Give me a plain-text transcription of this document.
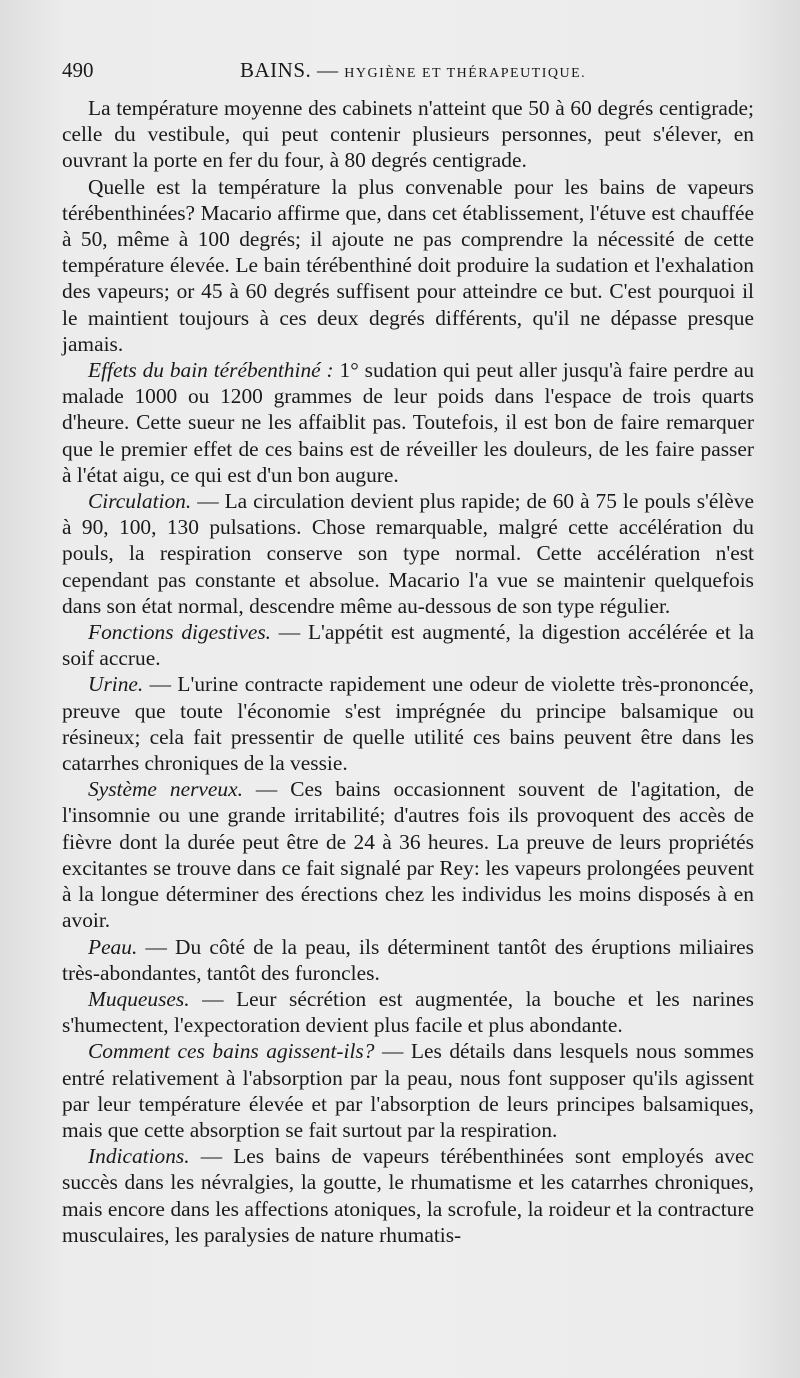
490	BAINS. — HYGIÈNE ET THÉRAPEUTIQUE.

La température moyenne des cabinets n'atteint que 50 à 60 degrés centigrade; celle du vestibule, qui peut contenir plusieurs personnes, peut s'élever, en ouvrant la porte en fer du four, à 80 degrés centigrade.

Quelle est la température la plus convenable pour les bains de vapeurs térébenthinées? Macario affirme que, dans cet établissement, l'étuve est chauffée à 50, même à 100 degrés; il ajoute ne pas comprendre la nécessité de cette température élevée. Le bain térébenthiné doit produire la sudation et l'exhalation des vapeurs; or 45 à 60 degrés suffisent pour atteindre ce but. C'est pourquoi il le maintient toujours à ces deux degrés différents, qu'il ne dépasse presque jamais.

Effets du bain térébenthiné : 1° sudation qui peut aller jusqu'à faire perdre au malade 1000 ou 1200 grammes de leur poids dans l'espace de trois quarts d'heure. Cette sueur ne les affaiblit pas. Toutefois, il est bon de faire remarquer que le premier effet de ces bains est de réveiller les douleurs, de les faire passer à l'état aigu, ce qui est d'un bon augure.

Circulation. — La circulation devient plus rapide; de 60 à 75 le pouls s'élève à 90, 100, 130 pulsations. Chose remarquable, malgré cette accélération du pouls, la respiration conserve son type normal. Cette accélération n'est cependant pas constante et absolue. Macario l'a vue se maintenir quelquefois dans son état normal, descendre même au-dessous de son type régulier.

Fonctions digestives. — L'appétit est augmenté, la digestion accélérée et la soif accrue.

Urine. — L'urine contracte rapidement une odeur de violette très-prononcée, preuve que toute l'économie s'est imprégnée du principe balsamique ou résineux; cela fait pressentir de quelle utilité ces bains peuvent être dans les catarrhes chroniques de la vessie.

Système nerveux. — Ces bains occasionnent souvent de l'agitation, de l'insomnie ou une grande irritabilité; d'autres fois ils provoquent des accès de fièvre dont la durée peut être de 24 à 36 heures. La preuve de leurs propriétés excitantes se trouve dans ce fait signalé par Rey: les vapeurs prolongées peuvent à la longue déterminer des érections chez les individus les moins disposés à en avoir.

Peau. — Du côté de la peau, ils déterminent tantôt des éruptions miliaires très-abondantes, tantôt des furoncles.

Muqueuses. — Leur sécrétion est augmentée, la bouche et les narines s'humectent, l'expectoration devient plus facile et plus abondante.

Comment ces bains agissent-ils? — Les détails dans lesquels nous sommes entré relativement à l'absorption par la peau, nous font supposer qu'ils agissent par leur température élevée et par l'absorption de leurs principes balsamiques, mais que cette absorption se fait surtout par la respiration.

Indications. — Les bains de vapeurs térébenthinées sont employés avec succès dans les névralgies, la goutte, le rhumatisme et les catarrhes chroniques, mais encore dans les affections atoniques, la scrofule, la roideur et la contracture musculaires, les paralysies de nature rhumatis-
